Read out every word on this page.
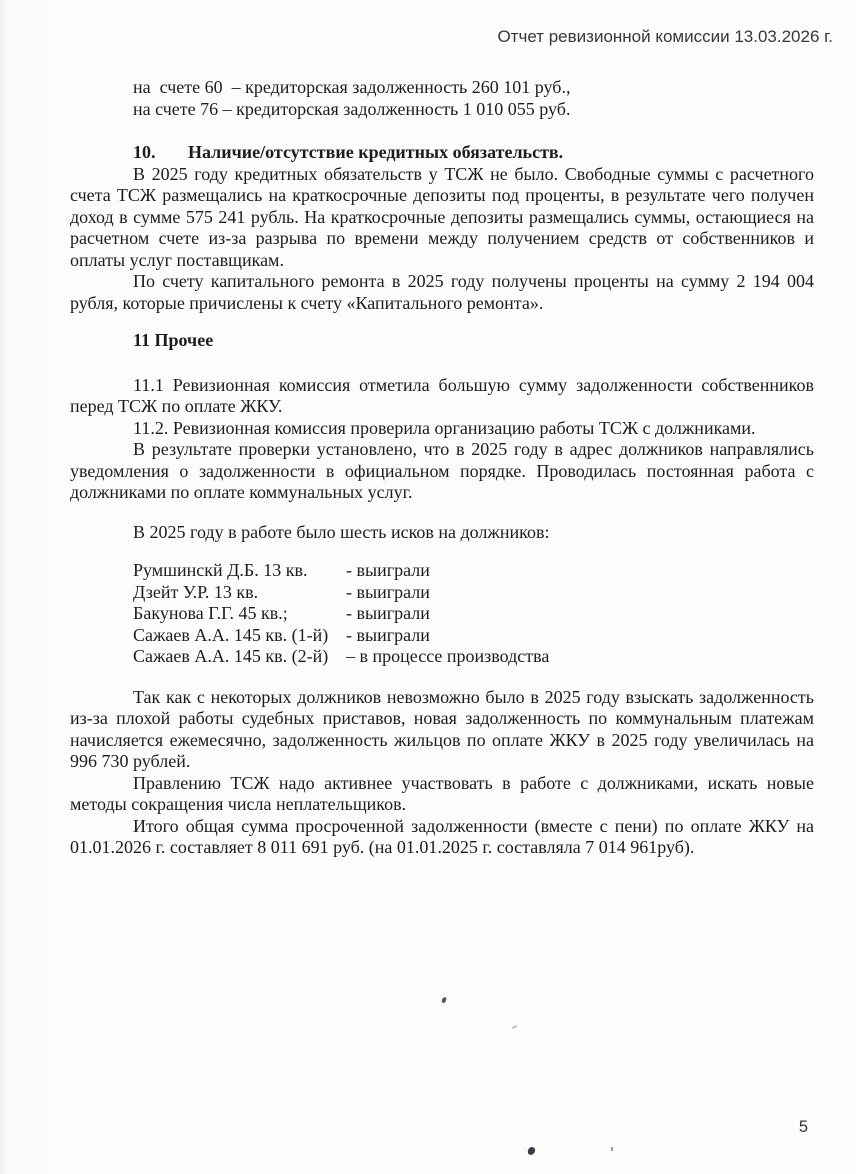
Отчет ревизионной комиссии 13.03.2026 г.

на  счете 60  – кредиторская задолженность 260 101 руб.,

на счете 76 – кредиторская задолженность 1 010 055 руб.

10. Наличие/отсутствие кредитных обязательств.

В 2025 году кредитных обязательств у ТСЖ не было. Свободные суммы с расчетного счета ТСЖ размещались на краткосрочные депозиты под проценты, в результате чего получен доход в сумме 575 241 рубль. На краткосрочные депозиты размещались суммы, остающиеся на расчетном счете из-за разрыва по времени между получением средств от собственников и оплаты услуг поставщикам.

По счету капитального ремонта в 2025 году получены проценты на сумму 2 194 004 рубля, которые причислены к счету «Капитального ремонта».

11 Прочее

11.1 Ревизионная комиссия отметила большую сумму задолженности собственников перед ТСЖ по оплате ЖКУ.

11.2. Ревизионная комиссия проверила организацию работы ТСЖ с должниками.

В результате проверки установлено, что в 2025 году в адрес должников направлялись уведомления о задолженности в официальном порядке. Проводилась постоянная работа с должниками по оплате коммунальных услуг.

В 2025 году в работе было шесть исков на должников:

Румшинскй Д.Б. 13 кв. - выиграли
Дзейт У.Р. 13 кв.	- выиграли
Бакунова Г.Г. 45 кв.;	- выиграли
Сажаев А.А. 145 кв. (1-й) - выиграли
Сажаев А.А. 145 кв. (2-й) – в процессе производства

Так как с некоторых должников невозможно было в 2025 году взыскать задолженность из-за плохой работы судебных приставов, новая задолженность по коммунальным платежам начисляется ежемесячно, задолженность жильцов по оплате ЖКУ в 2025 году увеличилась на 996 730 рублей.

Правлению ТСЖ надо активнее участвовать в работе с должниками, искать новые методы сокращения числа неплательщиков.

Итого общая сумма просроченной задолженности (вместе с пени) по оплате ЖКУ на 01.01.2026 г. составляет 8 011 691 руб. (на 01.01.2025 г. составляла 7 014 961руб).

5
